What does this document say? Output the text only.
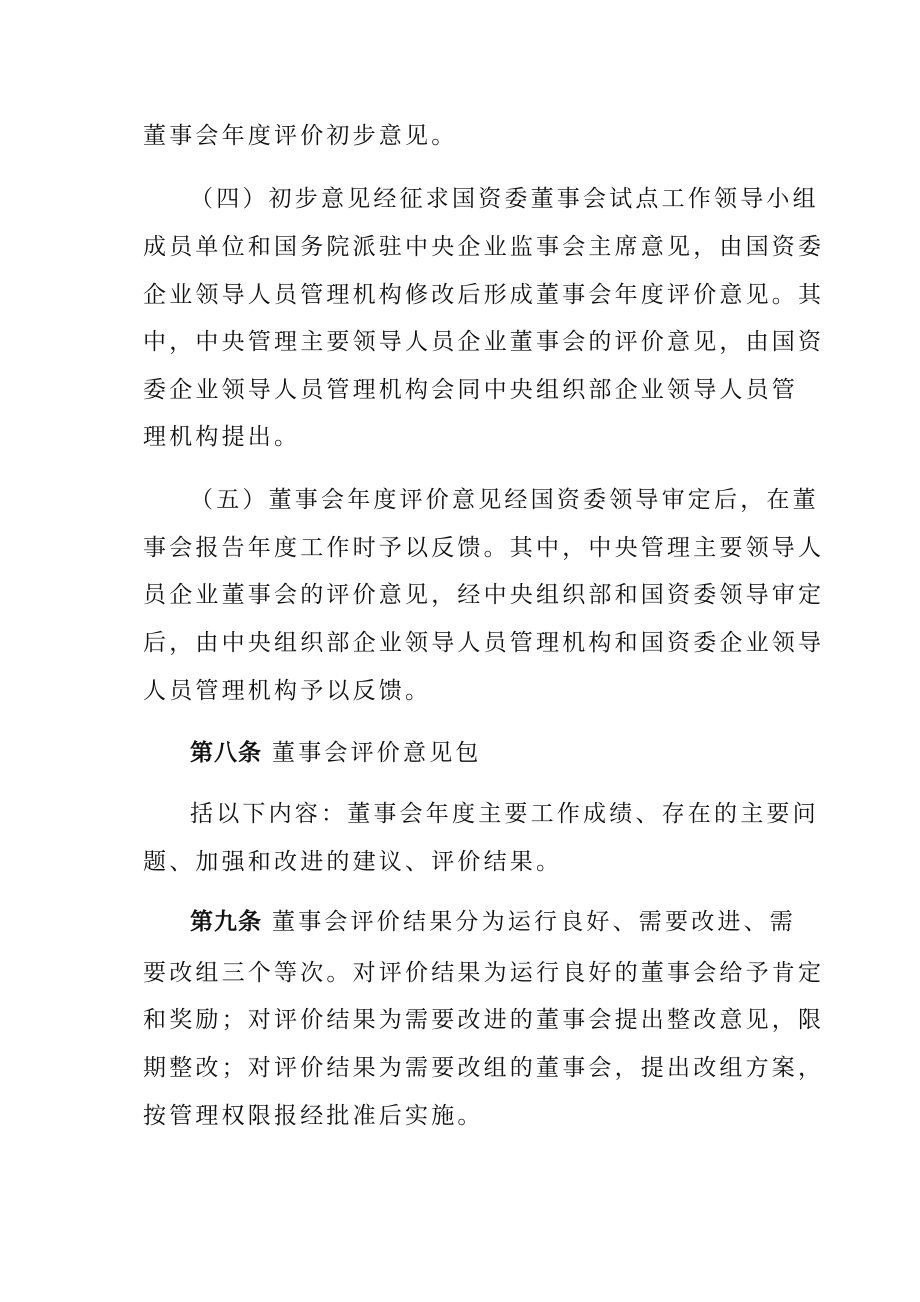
董事会年度评价初步意见。
（四）初步意见经征求国资委董事会试点工作领导小组
成员单位和国务院派驻中央企业监事会主席意见，由国资委
企业领导人员管理机构修改后形成董事会年度评价意见。其
中，中央管理主要领导人员企业董事会的评价意见，由国资
委企业领导人员管理机构会同中央组织部企业领导人员管
理机构提出。
（五）董事会年度评价意见经国资委领导审定后，在董
事会报告年度工作时予以反馈。其中，中央管理主要领导人
员企业董事会的评价意见，经中央组织部和国资委领导审定
后，由中央组织部企业领导人员管理机构和国资委企业领导
人员管理机构予以反馈。
第八条 董事会评价意见包
括以下内容：董事会年度主要工作成绩、存在的主要问
题、加强和改进的建议、评价结果。
第九条 董事会评价结果分为运行良好、需要改进、需
要改组三个等次。对评价结果为运行良好的董事会给予肯定
和奖励；对评价结果为需要改进的董事会提出整改意见，限
期整改；对评价结果为需要改组的董事会，提出改组方案，
按管理权限报经批准后实施。
